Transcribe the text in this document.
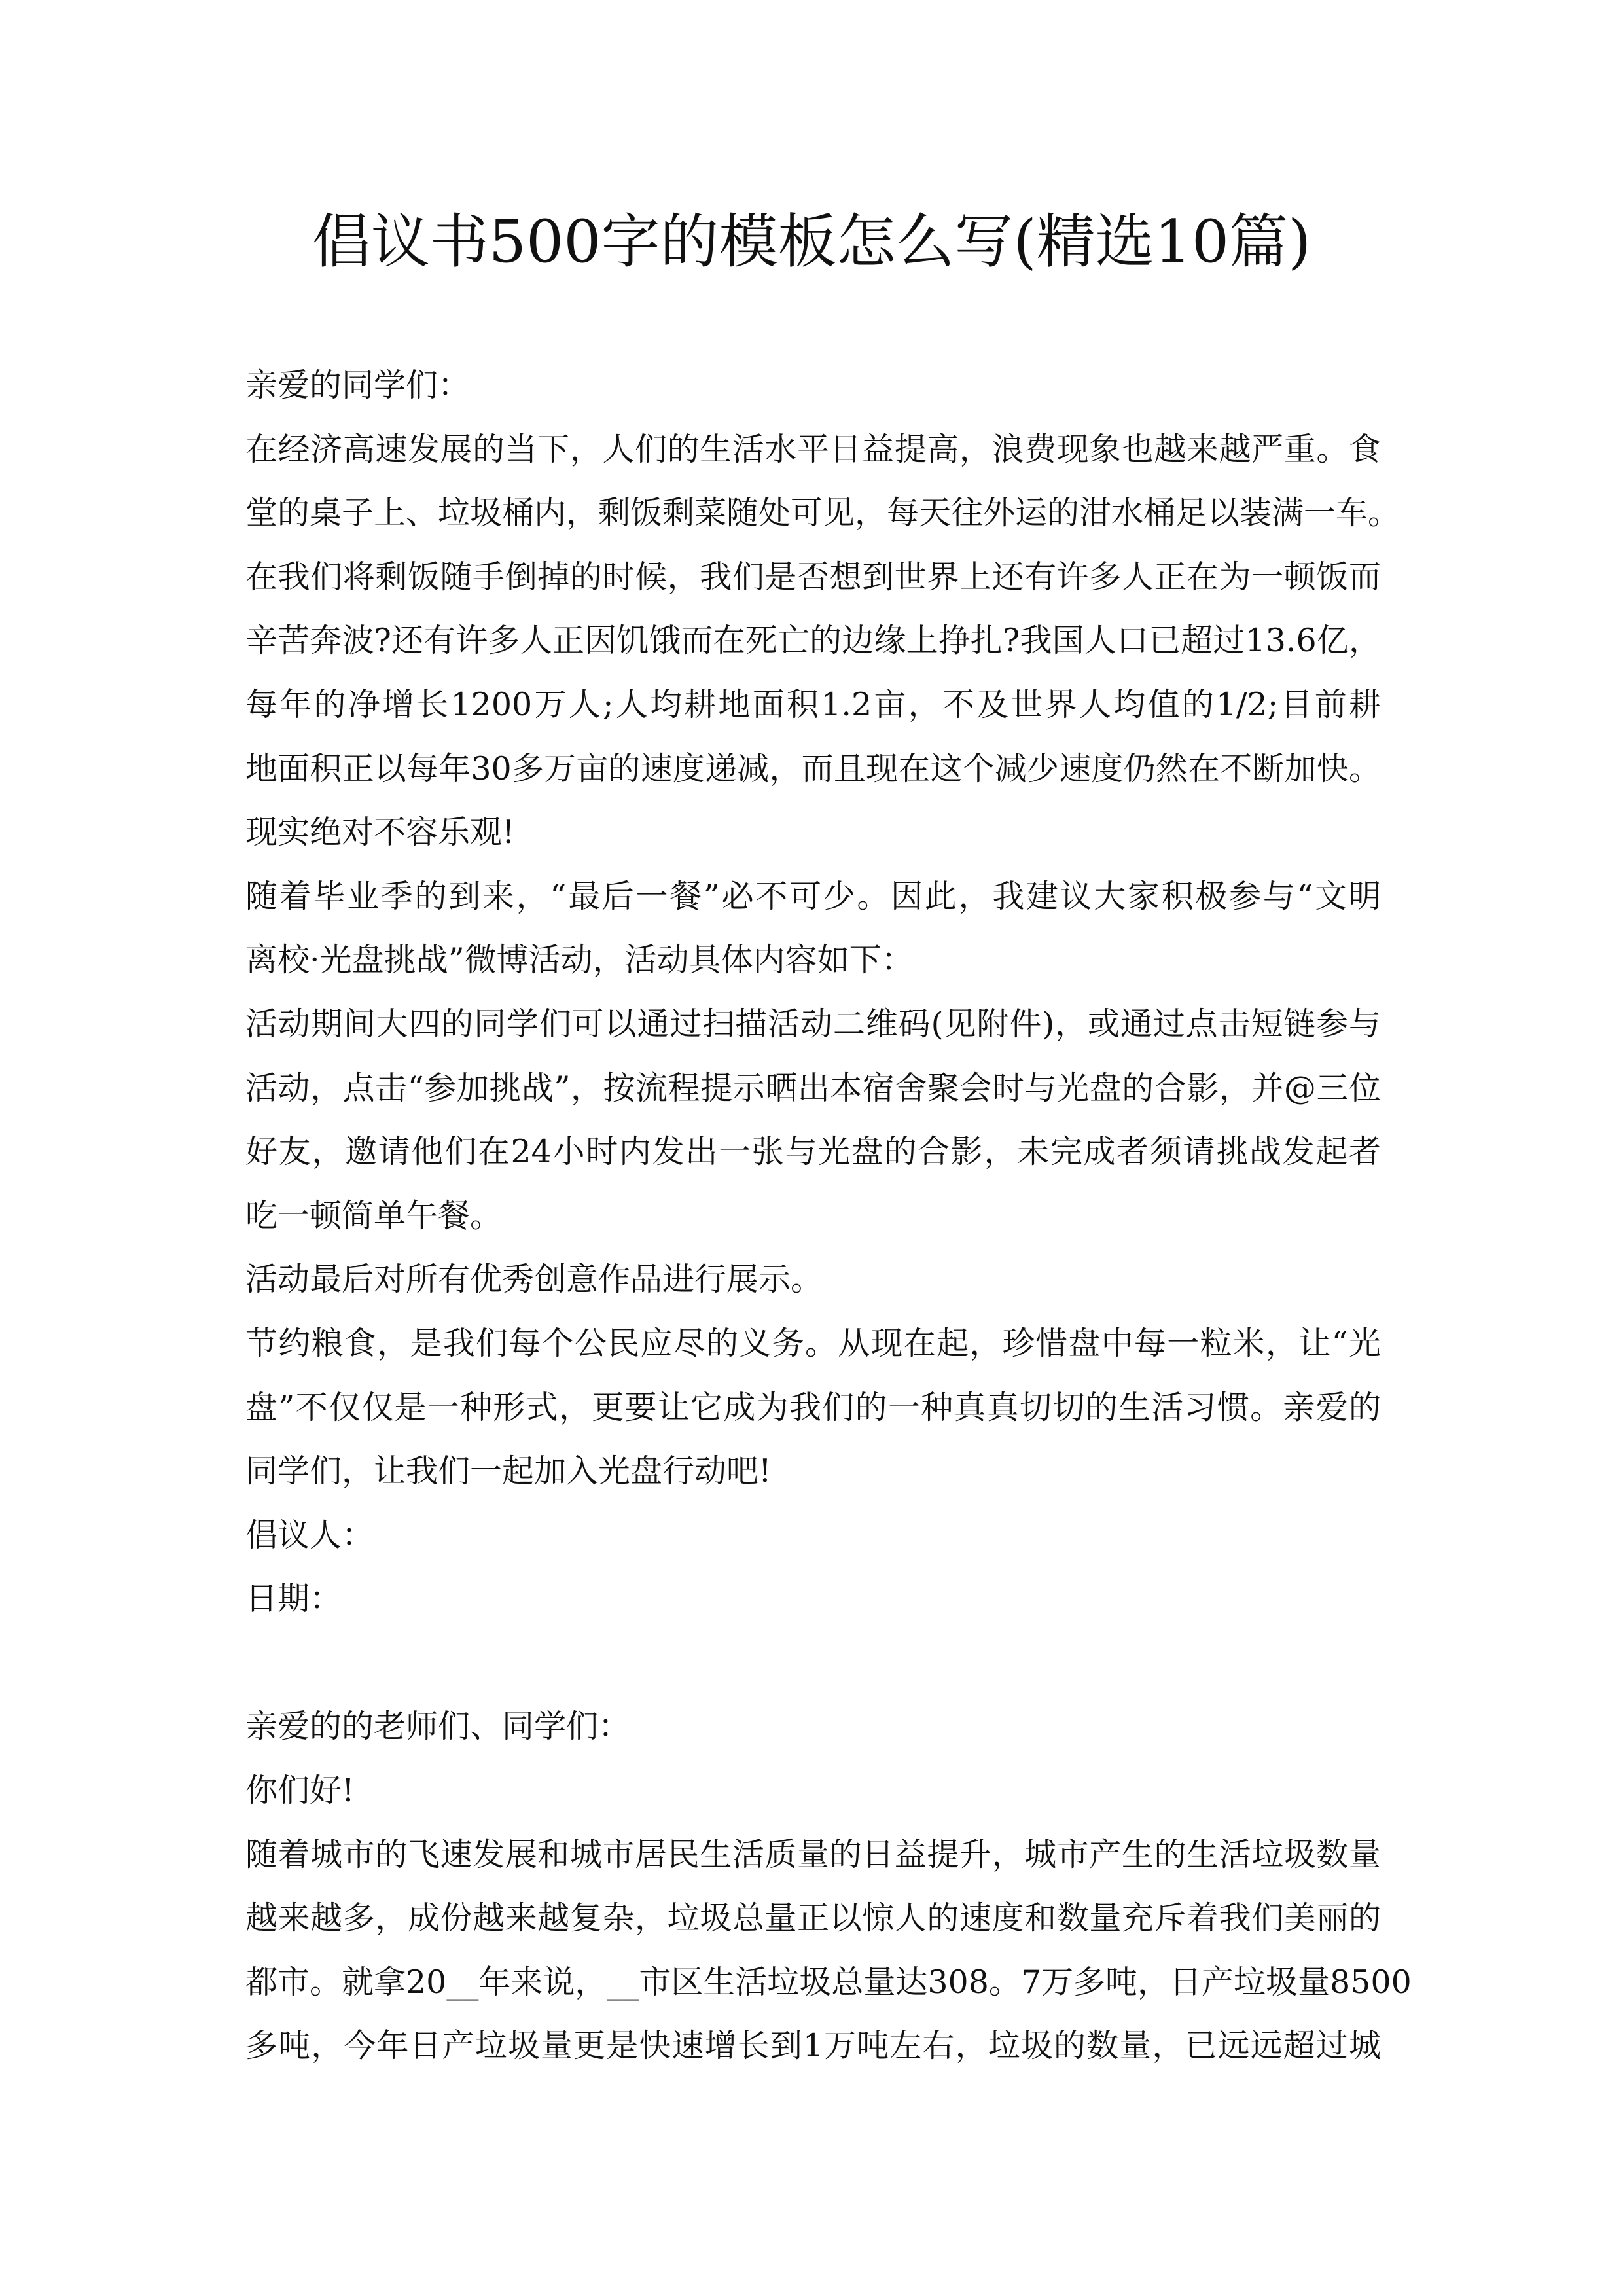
倡议书500字的模板怎么写(精选10篇)
亲爱的同学们：
在经济高速发展的当下，人们的生活水平日益提高，浪费现象也越来越严重。食
堂的桌子上、垃圾桶内，剩饭剩菜随处可见，每天往外运的泔水桶足以装满一车。
在我们将剩饭随手倒掉的时候，我们是否想到世界上还有许多人正在为一顿饭而
辛苦奔波?还有许多人正因饥饿而在死亡的边缘上挣扎?我国人口已超过13.6亿，
每年的净增长1200万人;人均耕地面积1.2亩，不及世界人均值的1/2;目前耕
地面积正以每年30多万亩的速度递减，而且现在这个减少速度仍然在不断加快。
现实绝对不容乐观!
随着毕业季的到来，“最后一餐”必不可少。因此，我建议大家积极参与“文明
离校·光盘挑战”微博活动，活动具体内容如下：
活动期间大四的同学们可以通过扫描活动二维码(见附件)，或通过点击短链参与
活动，点击“参加挑战”，按流程提示晒出本宿舍聚会时与光盘的合影，并@三位
好友，邀请他们在24小时内发出一张与光盘的合影，未完成者须请挑战发起者
吃一顿简单午餐。
活动最后对所有优秀创意作品进行展示。
节约粮食，是我们每个公民应尽的义务。从现在起，珍惜盘中每一粒米，让“光
盘”不仅仅是一种形式，更要让它成为我们的一种真真切切的生活习惯。亲爱的
同学们，让我们一起加入光盘行动吧!
倡议人：
日期：
亲爱的的老师们、同学们：
你们好!
随着城市的飞速发展和城市居民生活质量的日益提升，城市产生的生活垃圾数量
越来越多，成份越来越复杂，垃圾总量正以惊人的速度和数量充斥着我们美丽的
都市。就拿20__年来说，__市区生活垃圾总量达308。7万多吨，日产垃圾量8500
多吨，今年日产垃圾量更是快速增长到1万吨左右，垃圾的数量，已远远超过城
